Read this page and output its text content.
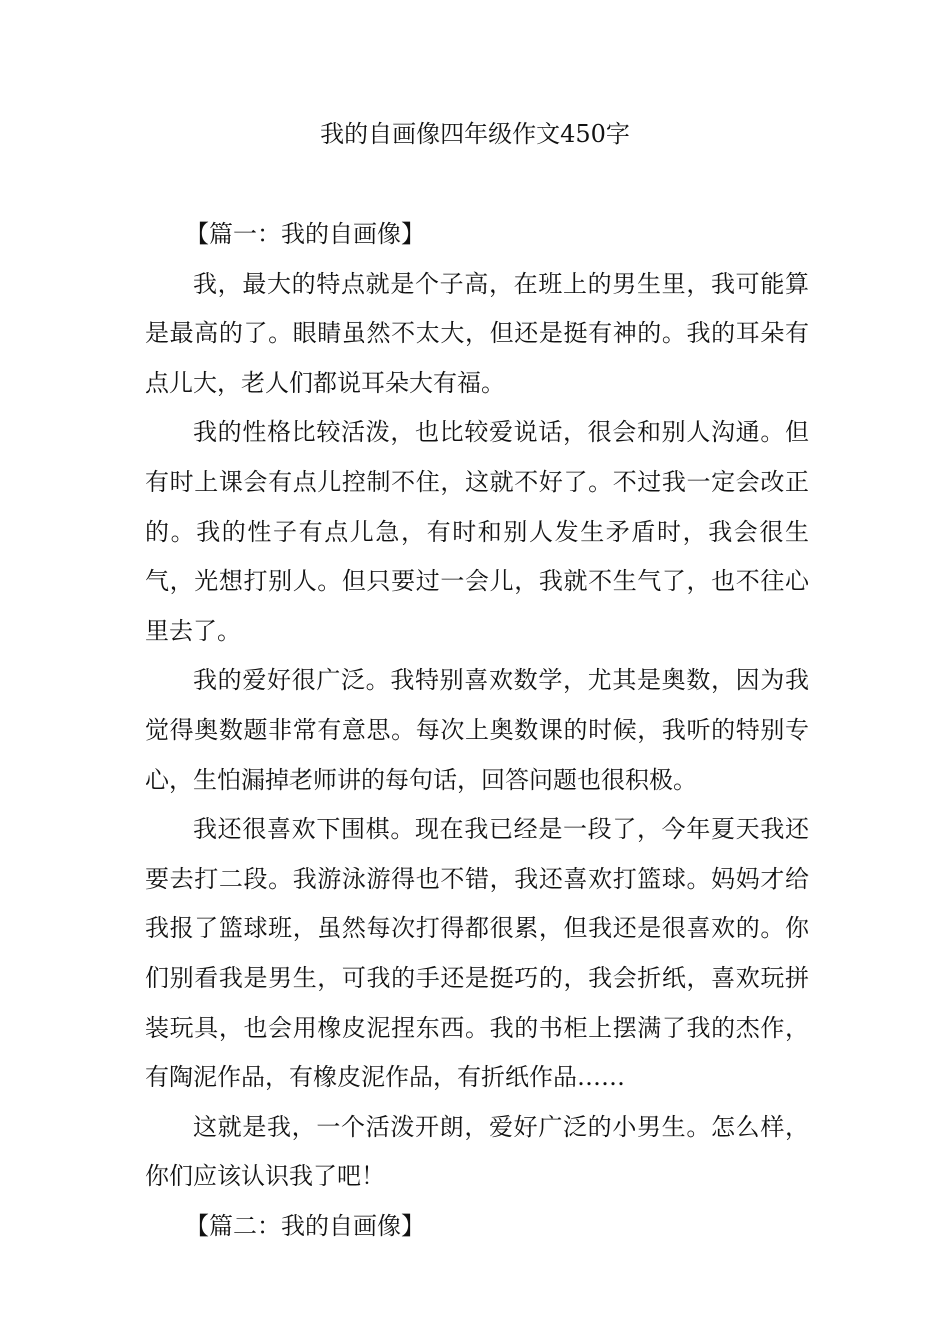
我的自画像四年级作文450字

【篇一：我的自画像】

我，最大的特点就是个子高，在班上的男生里，我可能算是最高的了。眼睛虽然不太大，但还是挺有神的。我的耳朵有点儿大，老人们都说耳朵大有福。

我的性格比较活泼，也比较爱说话，很会和别人沟通。但有时上课会有点儿控制不住，这就不好了。不过我一定会改正的。我的性子有点儿急，有时和别人发生矛盾时，我会很生气，光想打别人。但只要过一会儿，我就不生气了，也不往心里去了。

我的爱好很广泛。我特别喜欢数学，尤其是奥数，因为我觉得奥数题非常有意思。每次上奥数课的时候，我听的特别专心，生怕漏掉老师讲的每句话，回答问题也很积极。

我还很喜欢下围棋。现在我已经是一段了，今年夏天我还要去打二段。我游泳游得也不错，我还喜欢打篮球。妈妈才给我报了篮球班，虽然每次打得都很累，但我还是很喜欢的。你们别看我是男生，可我的手还是挺巧的，我会折纸，喜欢玩拼装玩具，也会用橡皮泥捏东西。我的书柜上摆满了我的杰作，有陶泥作品，有橡皮泥作品，有折纸作品……

这就是我，一个活泼开朗，爱好广泛的小男生。怎么样，你们应该认识我了吧！

【篇二：我的自画像】
